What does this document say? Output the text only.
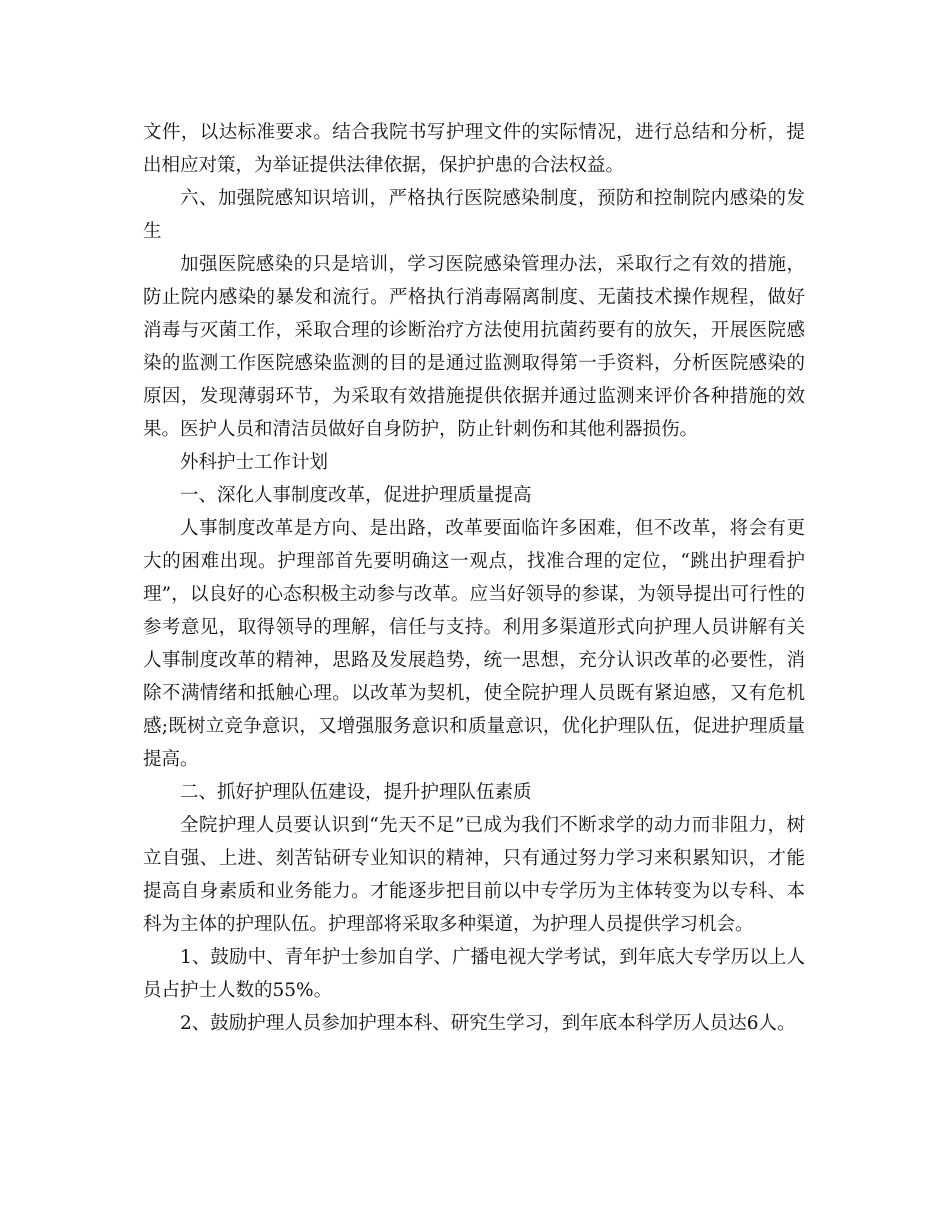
文件，以达标准要求。结合我院书写护理文件的实际情况，进行总结和分析，提出相应对策，为举证提供法律依据，保护护患的合法权益。

六、加强院感知识培训，严格执行医院感染制度，预防和控制院内感染的发生

加强医院感染的只是培训，学习医院感染管理办法，采取行之有效的措施，防止院内感染的暴发和流行。严格执行消毒隔离制度、无菌技术操作规程，做好消毒与灭菌工作，采取合理的诊断治疗方法使用抗菌药要有的放矢，开展医院感染的监测工作医院感染监测的目的是通过监测取得第一手资料，分析医院感染的原因，发现薄弱环节，为采取有效措施提供依据并通过监测来评价各种措施的效果。医护人员和清洁员做好自身防护，防止针刺伤和其他利器损伤。

外科护士工作计划

一、深化人事制度改革，促进护理质量提高

人事制度改革是方向、是出路，改革要面临许多困难，但不改革，将会有更大的困难出现。护理部首先要明确这一观点，找准合理的定位，“跳出护理看护理”，以良好的心态积极主动参与改革。应当好领导的参谋，为领导提出可行性的参考意见，取得领导的理解，信任与支持。利用多渠道形式向护理人员讲解有关人事制度改革的精神，思路及发展趋势，统一思想，充分认识改革的必要性，消除不满情绪和抵触心理。以改革为契机，使全院护理人员既有紧迫感，又有危机感;既树立竞争意识，又增强服务意识和质量意识，优化护理队伍，促进护理质量提高。

二、抓好护理队伍建设，提升护理队伍素质

全院护理人员要认识到“先天不足”已成为我们不断求学的动力而非阻力，树立自强、上进、刻苦钻研专业知识的精神，只有通过努力学习来积累知识，才能提高自身素质和业务能力。才能逐步把目前以中专学历为主体转变为以专科、本科为主体的护理队伍。护理部将采取多种渠道，为护理人员提供学习机会。

1、鼓励中、青年护士参加自学、广播电视大学考试，到年底大专学历以上人员占护士人数的55%。

2、鼓励护理人员参加护理本科、研究生学习，到年底本科学历人员达6人。
